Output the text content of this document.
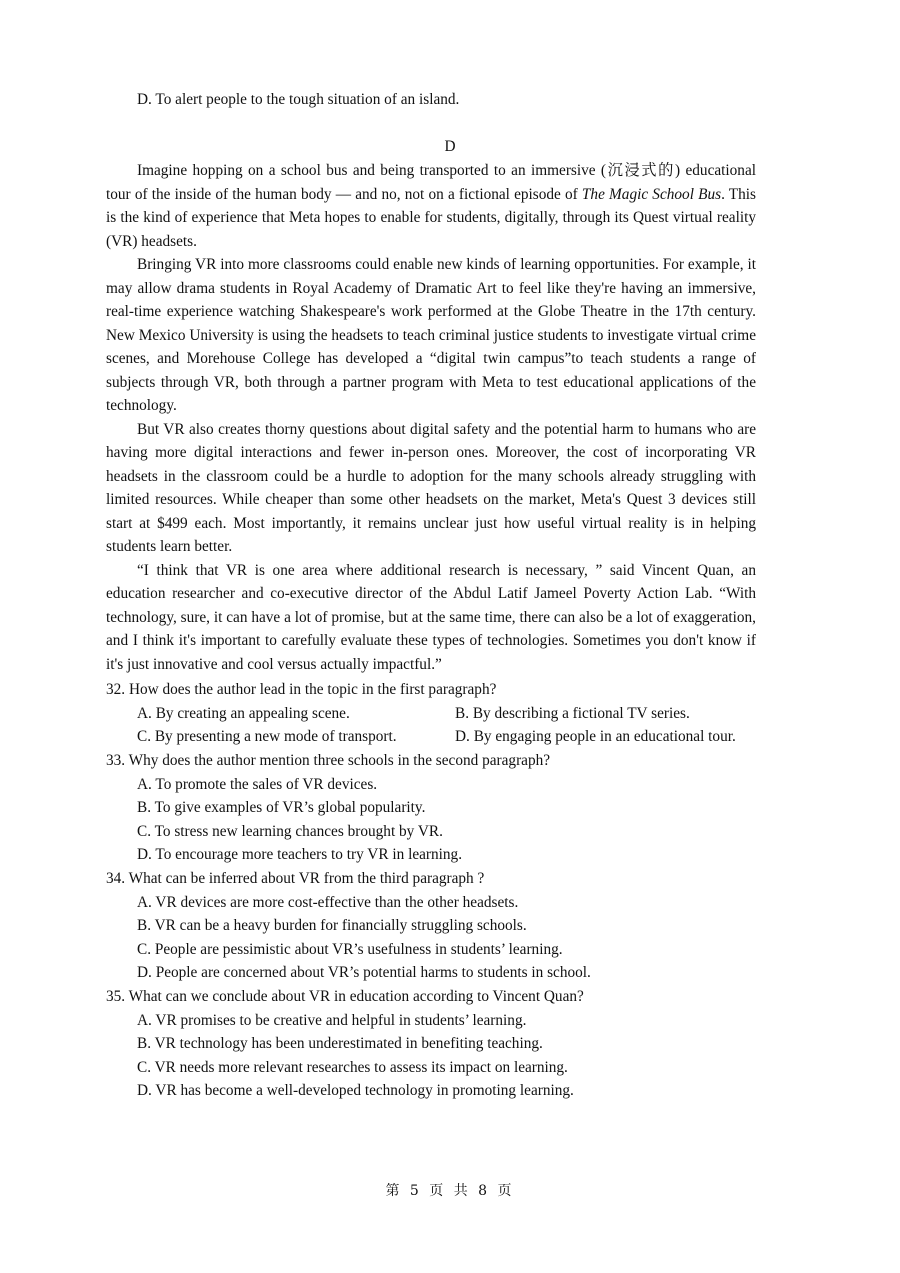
D. To alert people to the tough situation of an island.
D

Imagine hopping on a school bus and being transported to an immersive (沉浸式的) educational tour of the inside of the human body — and no, not on a fictional episode of The Magic School Bus. This is the kind of experience that Meta hopes to enable for students, digitally, through its Quest virtual reality (VR) headsets.

Bringing VR into more classrooms could enable new kinds of learning opportunities. For example, it may allow drama students in Royal Academy of Dramatic Art to feel like they're having an immersive, real-time experience watching Shakespeare's work performed at the Globe Theatre in the 17th century. New Mexico University is using the headsets to teach criminal justice students to investigate virtual crime scenes, and Morehouse College has developed a “digital twin campus”to teach students a range of subjects through VR, both through a partner program with Meta to test educational applications of the technology.

But VR also creates thorny questions about digital safety and the potential harm to humans who are having more digital interactions and fewer in-person ones. Moreover, the cost of incorporating VR headsets in the classroom could be a hurdle to adoption for the many schools already struggling with limited resources. While cheaper than some other headsets on the market, Meta's Quest 3 devices still start at $499 each. Most importantly, it remains unclear just how useful virtual reality is in helping students learn better.

“I think that VR is one area where additional research is necessary, ” said Vincent Quan, an education researcher and co-executive director of the Abdul Latif Jameel Poverty Action Lab. “With technology, sure, it can have a lot of promise, but at the same time, there can also be a lot of exaggeration, and I think it's important to carefully evaluate these types of technologies. Sometimes you don't know if it's just innovative and cool versus actually impactful.”

32. How does the author lead in the topic in the first paragraph?

A. By creating an appealing scene.	B. By describing a fictional TV series.
C. By presenting a new mode of transport.	D. By engaging people in an educational tour.

33. Why does the author mention three schools in the second paragraph?

A. To promote the sales of VR devices.

B. To give examples of VR’s global popularity.

C. To stress new learning chances brought by VR.

D. To encourage more teachers to try VR in learning.

34. What can be inferred about VR from the third paragraph ?

A. VR devices are more cost-effective than the other headsets.

B. VR can be a heavy burden for financially struggling schools.

C. People are pessimistic about VR’s usefulness in students’ learning.

D. People are concerned about VR’s potential harms to students in school.

35. What can we conclude about VR in education according to Vincent Quan?

A. VR promises to be creative and helpful in students’ learning.

B. VR technology has been underestimated in benefiting teaching.

C. VR needs more relevant researches to assess its impact on learning.

D. VR has become a well-developed technology in promoting learning.

第 5 页 共 8 页
